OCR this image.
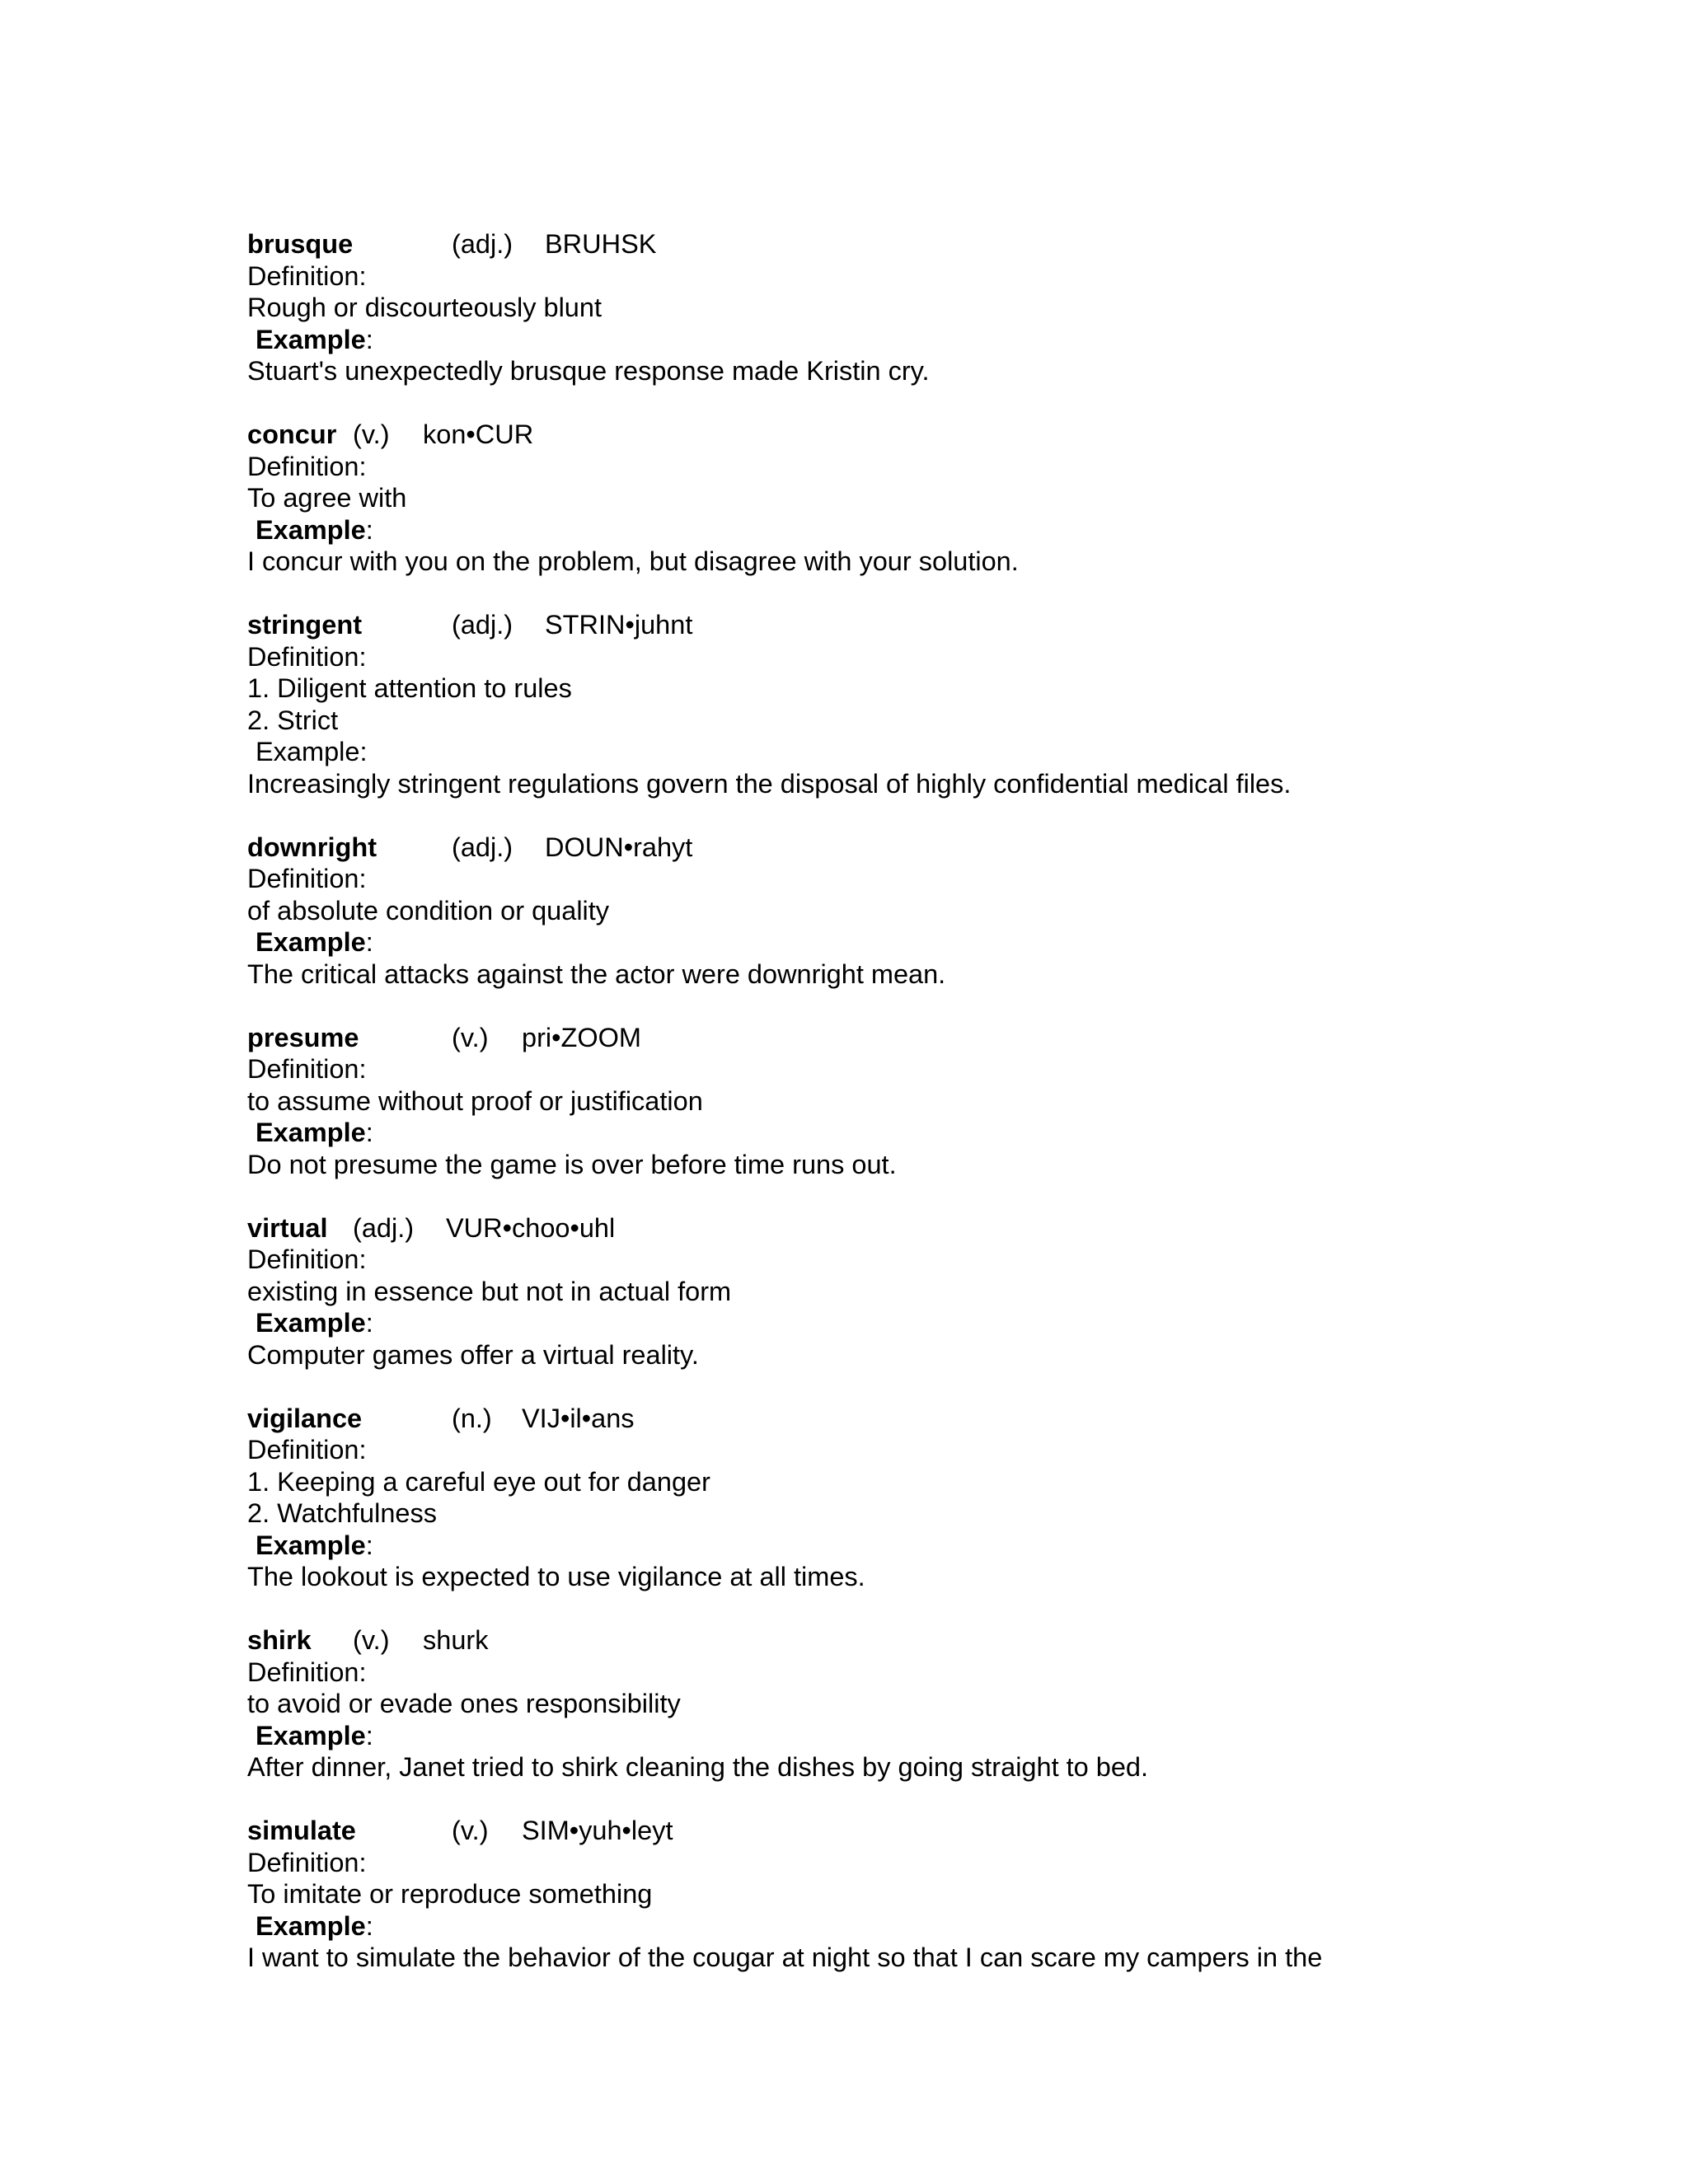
brusque	(adj.) BRUHSK
Definition:
Rough or discourteously blunt
Example:
Stuart's unexpectedly brusque response made Kristin cry.
concur (v.) kon•CUR
Definition:
To agree with
Example:
I concur with you on the problem, but disagree with your solution.
stringent	(adj.) STRIN•juhnt
Definition:
1. Diligent attention to rules
2. Strict
Example:
Increasingly stringent regulations govern the disposal of highly confidential medical files.
downright	(adj.) DOUN•rahyt
Definition:
of absolute condition or quality
Example:
The critical attacks against the actor were downright mean.
presume	(v.) pri•ZOOM
Definition:
to assume without proof or justification
Example:
Do not presume the game is over before time runs out.
virtual (adj.) VUR•choo•uhl
Definition:
existing in essence but not in actual form
Example:
Computer games offer a virtual reality.
vigilance	(n.) VIJ•il•ans
Definition:
1. Keeping a careful eye out for danger
2. Watchfulness
Example:
The lookout is expected to use vigilance at all times.
shirk (v.) shurk
Definition:
to avoid or evade ones responsibility
Example:
After dinner, Janet tried to shirk cleaning the dishes by going straight to bed.
simulate	(v.) SIM•yuh•leyt
Definition:
To imitate or reproduce something
Example:
I want to simulate the behavior of the cougar at night so that I can scare my campers in the
